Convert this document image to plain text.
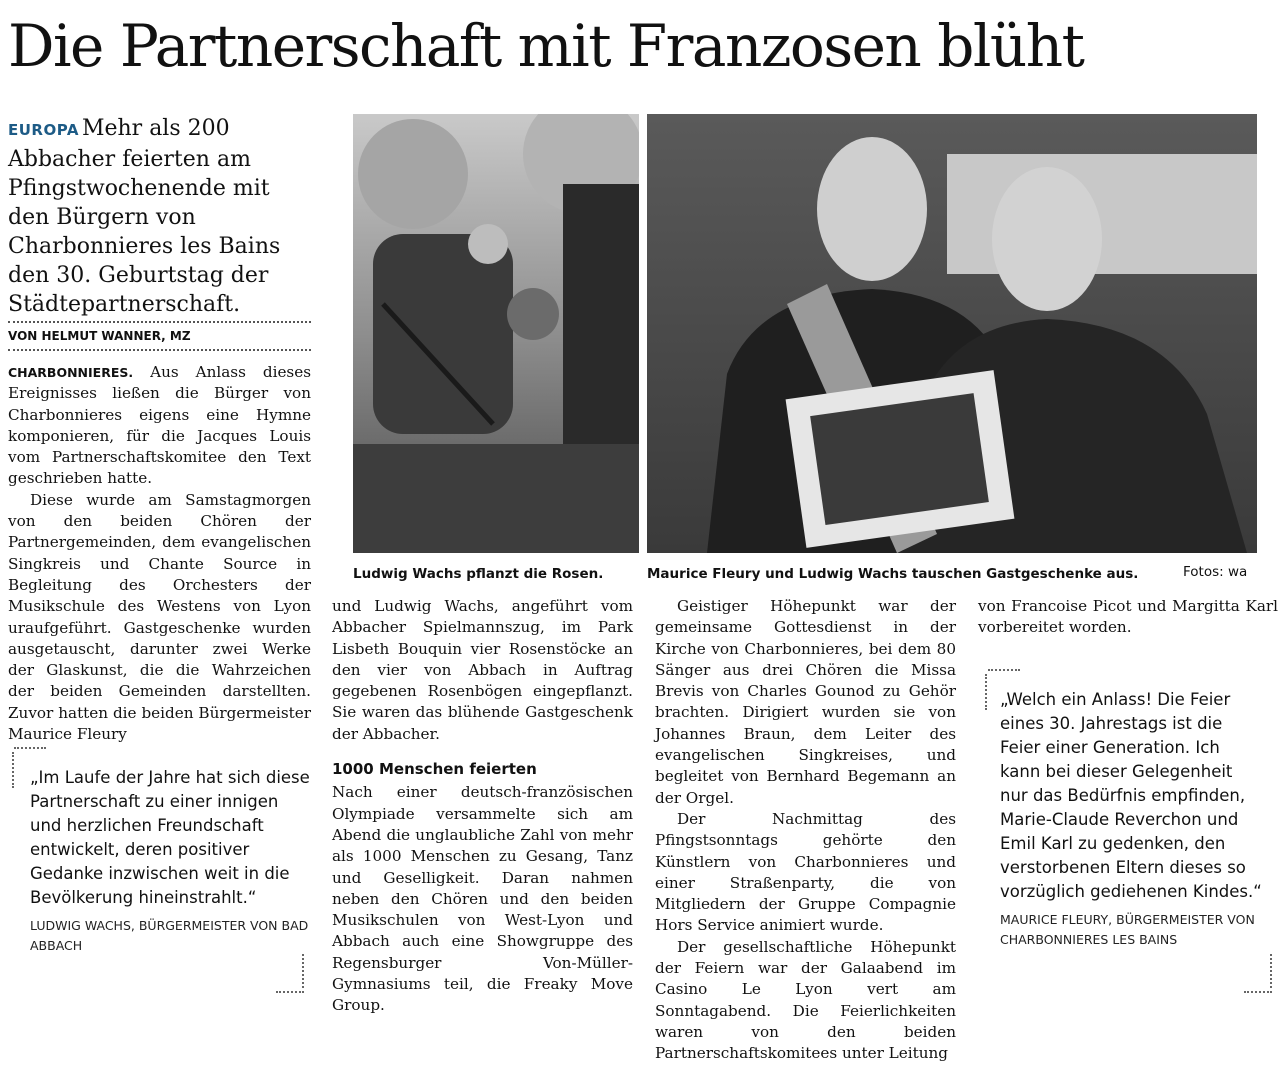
Die Partnerschaft mit Franzosen blüht
EUROPA Mehr als 200 Abbacher feierten am Pfingstwochenende mit den Bürgern von Charbonnieres les Bains den 30. Geburtstag der Städtepartnerschaft.
VON HELMUT WANNER, MZ

CHARBONNIERES. Aus Anlass dieses Ereignisses ließen die Bürger von Charbonnieres eigens eine Hymne komponieren, für die Jacques Louis vom Partnerschaftskomitee den Text geschrieben hatte.

Diese wurde am Samstagmorgen von den beiden Chören der Partnergemeinden, dem evangelischen Singkreis und Chante Source in Begleitung des Orchesters der Musikschule des Westens von Lyon uraufgeführt. Gastgeschenke wurden ausgetauscht, darunter zwei Werke der Glaskunst, die die Wahrzeichen der beiden Gemeinden darstellten. Zuvor hatten die beiden Bürgermeister Maurice Fleury

„Im Laufe der Jahre hat sich diese Partnerschaft zu einer innigen und herzlichen Freundschaft entwickelt, deren positiver Gedanke inzwischen weit in die Bevölkerung hineinstrahlt.“
LUDWIG WACHS, BÜRGERMEISTER VON BAD ABBACH
Ludwig Wachs pflanzt die Rosen.	Maurice Fleury und Ludwig Wachs tauschen Gastgeschenke aus.	Fotos: wa

und Ludwig Wachs, angeführt vom Abbacher Spielmannszug, im Park Lisbeth Bouquin vier Rosenstöcke an den vier von Abbach in Auftrag gegebenen Rosenbögen eingepflanzt. Sie waren das blühende Gastgeschenk der Abbacher.

1000 Menschen feierten

Nach einer deutsch-französischen Olympiade versammelte sich am Abend die unglaubliche Zahl von mehr als 1000 Menschen zu Gesang, Tanz und Geselligkeit. Daran nahmen neben den Chören und den beiden Musikschulen von West-Lyon und Abbach auch eine Showgruppe des Regensburger Von-Müller-Gymnasiums teil, die Freaky Move Group.

Geistiger Höhepunkt war der gemeinsame Gottesdienst in der Kirche von Charbonnieres, bei dem 80 Sänger aus drei Chören die Missa Brevis von Charles Gounod zu Gehör brachten. Dirigiert wurden sie von Johannes Braun, dem Leiter des evangelischen Singkreises, und begleitet von Bernhard Begemann an der Orgel.

Der Nachmittag des Pfingstsonntags gehörte den Künstlern von Charbonnieres und einer Straßenparty, die von Mitgliedern der Gruppe Compagnie Hors Service animiert wurde.

Der gesellschaftliche Höhepunkt der Feiern war der Galaabend im Casino Le Lyon vert am Sonntagabend. Die Feierlichkeiten waren von den beiden Partnerschaftskomitees unter Leitung

von Francoise Picot und Margitta Karl vorbereitet worden.

„Welch ein Anlass! Die Feier eines 30. Jahrestags ist die Feier einer Generation. Ich kann bei dieser Gelegenheit nur das Bedürfnis empfinden, Marie-Claude Reverchon und Emil Karl zu gedenken, den verstorbenen Eltern dieses so vorzüglich gediehenen Kindes.“
MAURICE FLEURY, BÜRGERMEISTER VON CHARBONNIERES LES BAINS
